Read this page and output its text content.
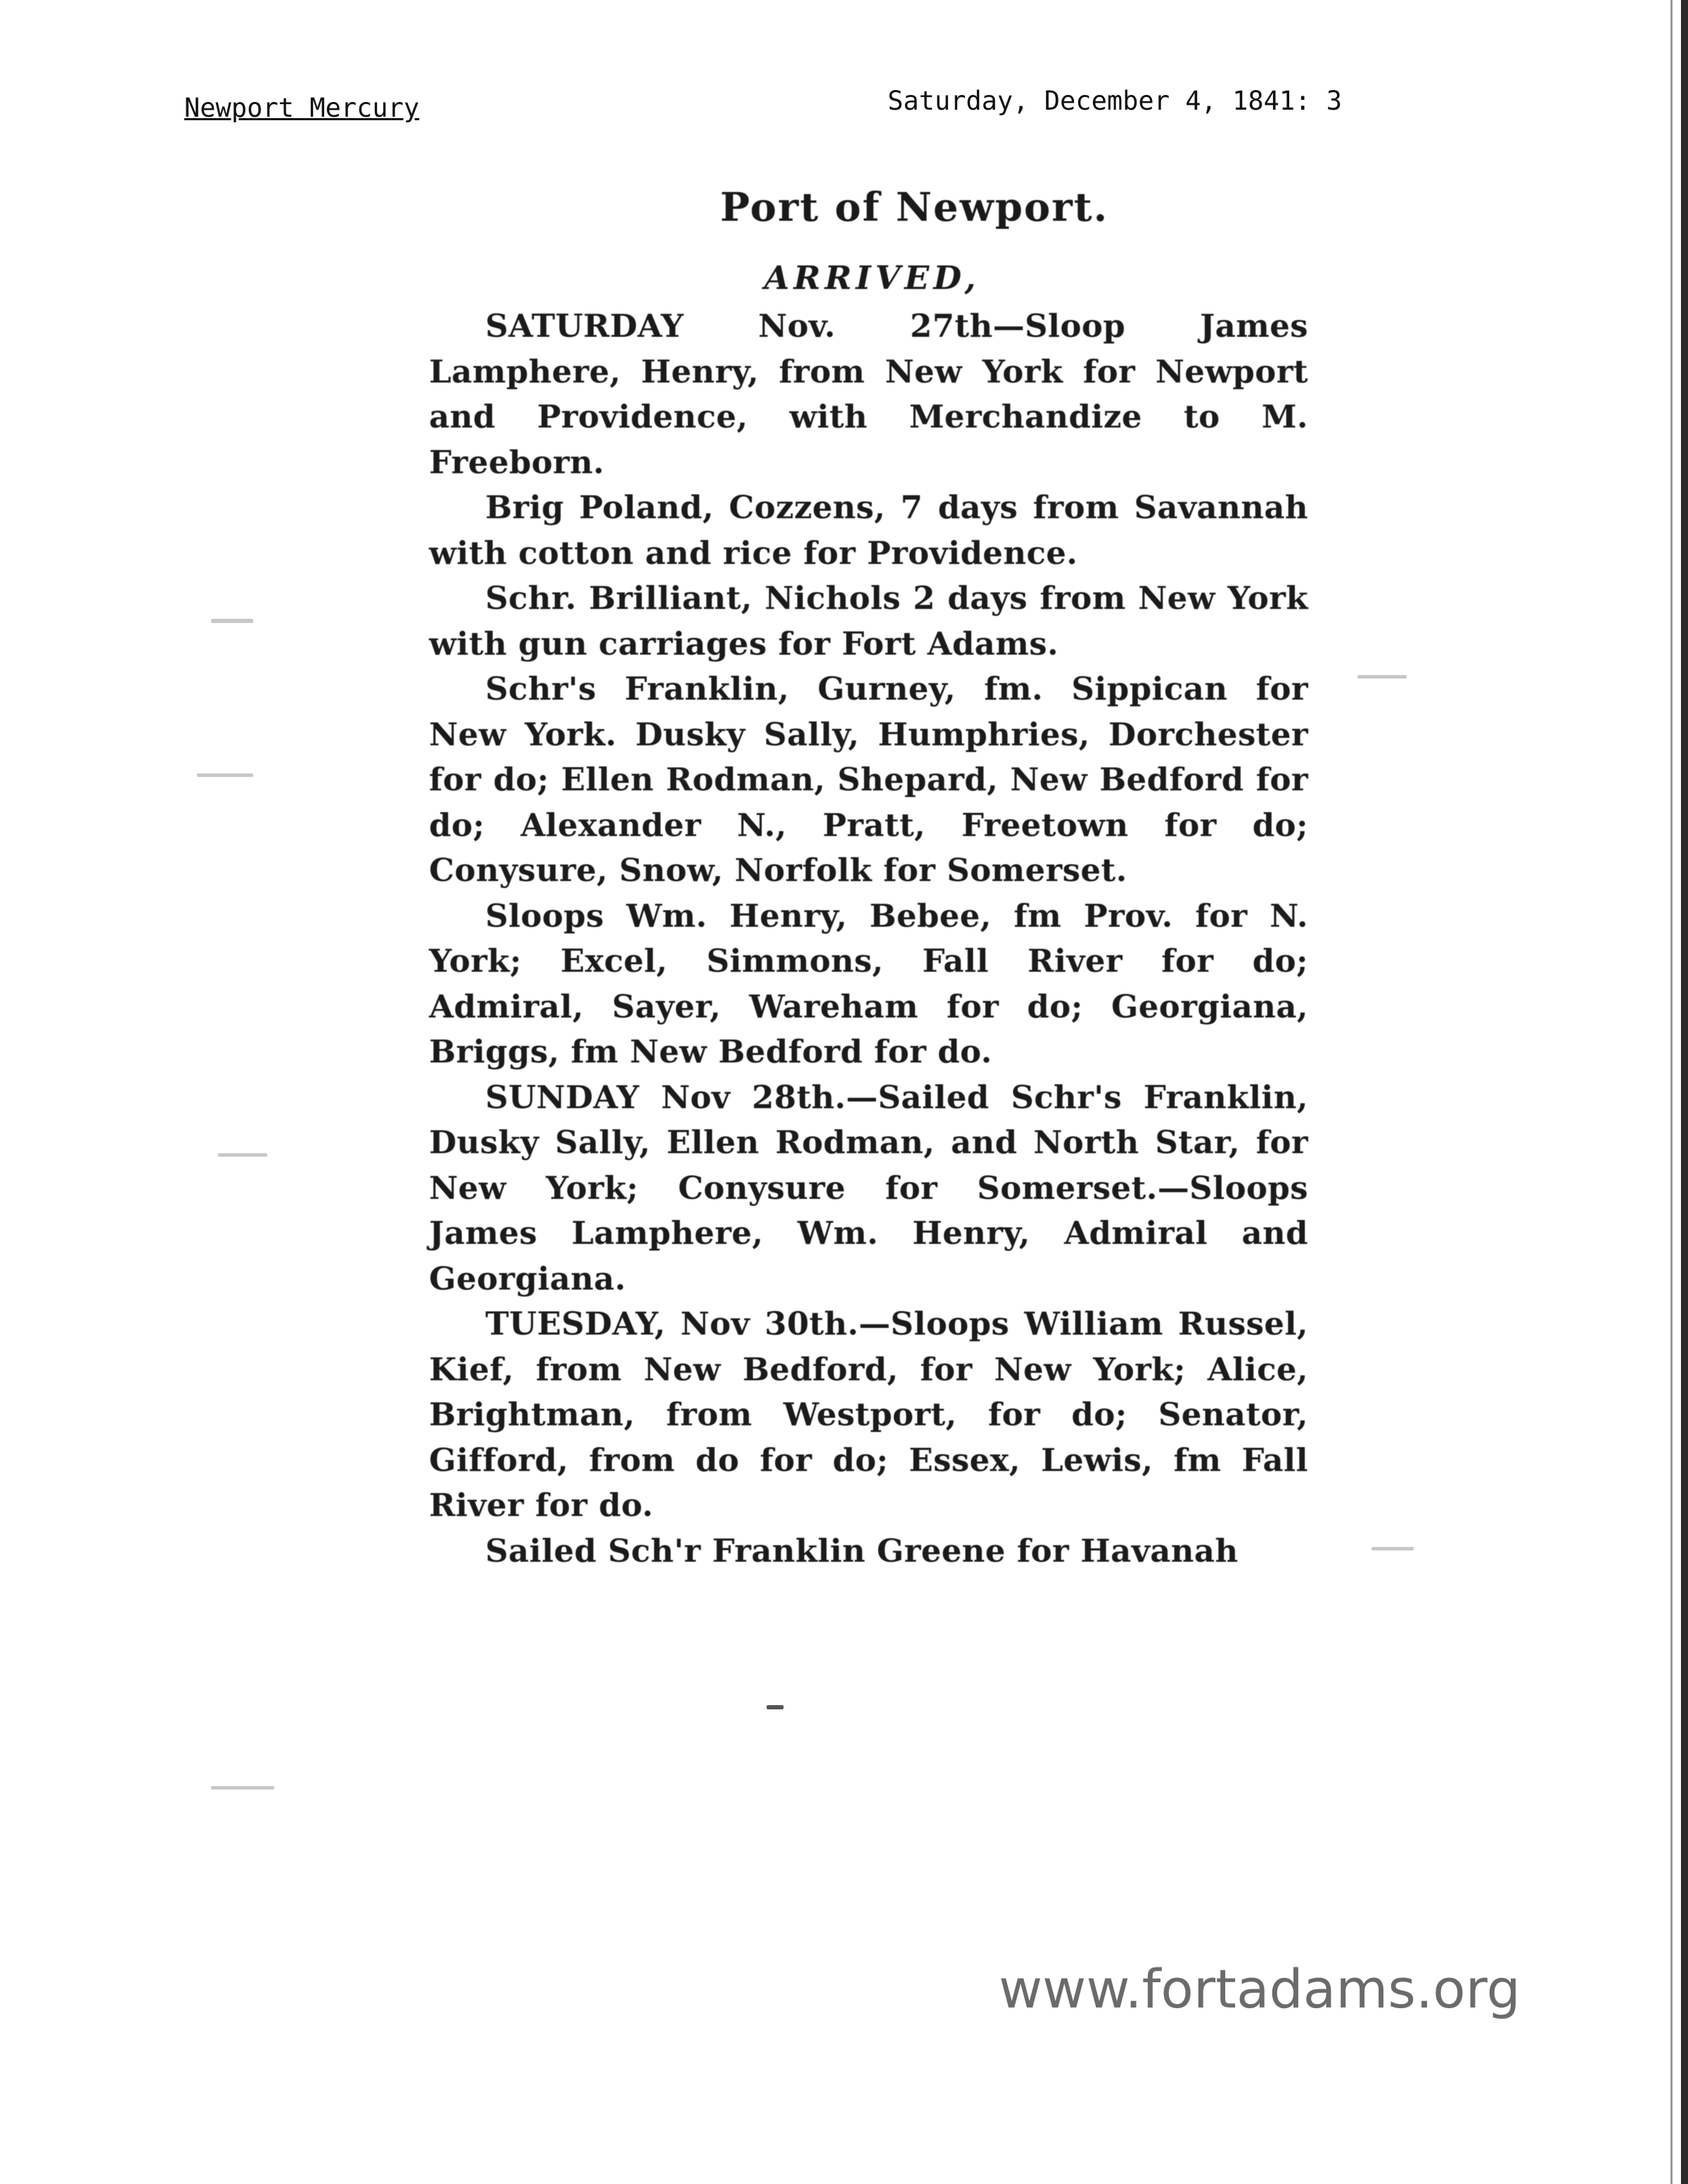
Newport Mercury	Saturday, December 4, 1841: 3
Port of Newport.
ARRIVED,

SATURDAY Nov. 27th—Sloop James Lamphere, Henry, from New York for Newport and Providence, with Merchandize to M. Freeborn.

Brig Poland, Cozzens, 7 days from Savannah with cotton and rice for Providence.

Schr. Brilliant, Nichols 2 days from New York with gun carriages for Fort Adams.

Schr's Franklin, Gurney, fm. Sippican for New York. Dusky Sally, Humphries, Dorchester for do; Ellen Rodman, Shepard, New Bedford for do; Alexander N., Pratt, Freetown for do; Conysure, Snow, Norfolk for Somerset.

Sloops Wm. Henry, Bebee, fm Prov. for N. York; Excel, Simmons, Fall River for do; Admiral, Sayer, Wareham for do; Georgiana, Briggs, fm New Bedford for do.

SUNDAY Nov 28th.—Sailed Schr's Franklin, Dusky Sally, Ellen Rodman, and North Star, for New York; Conysure for Somerset.—Sloops James Lamphere, Wm. Henry, Admiral and Georgiana.

TUESDAY, Nov 30th.—Sloops William Russel, Kief, from New Bedford, for New York; Alice, Brightman, from Westport, for do; Senator, Gifford, from do for do; Essex, Lewis, fm Fall River for do.

Sailed Sch'r Franklin Greene for Havanah

www.fortadams.org
